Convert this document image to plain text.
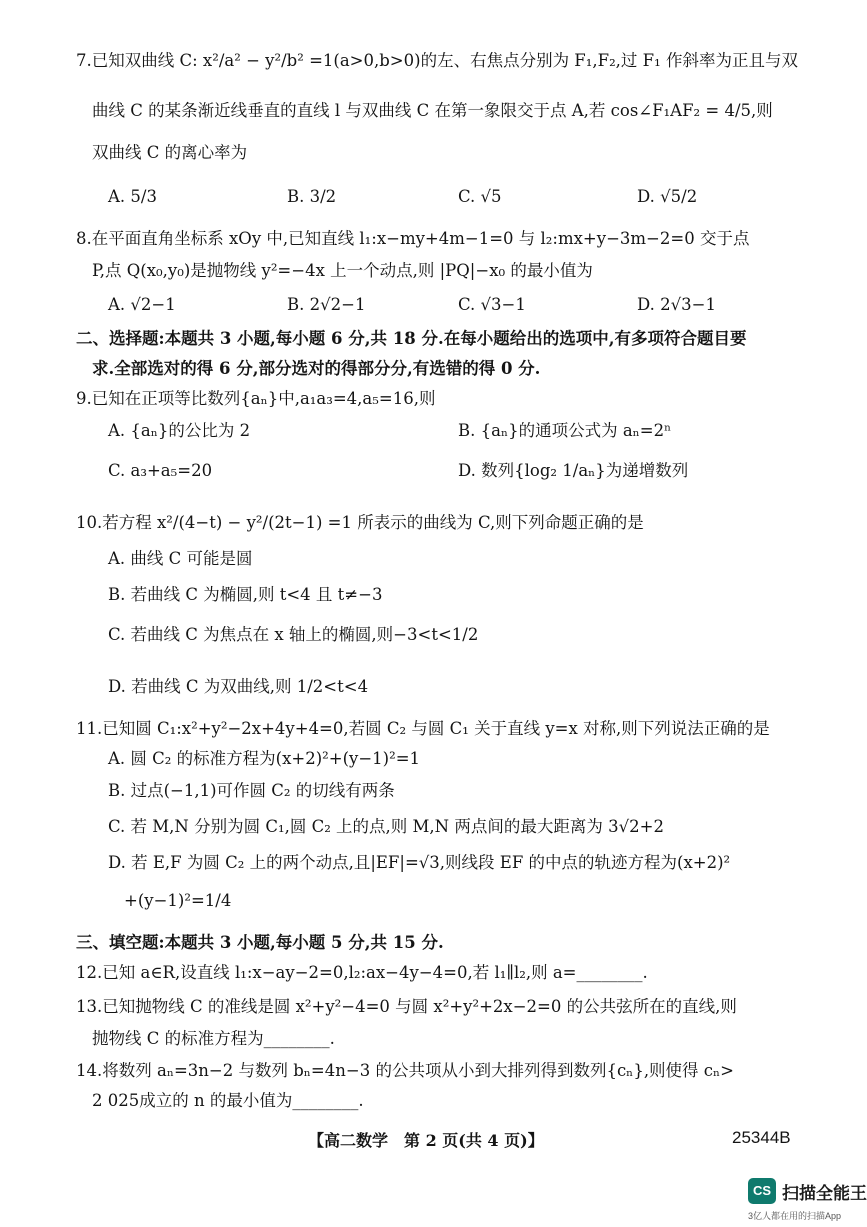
7.已知双曲线 C: x²/a² − y²/b² =1(a>0,b>0)的左、右焦点分别为 F₁,F₂,过 F₁ 作斜率为正且与双
曲线 C 的某条渐近线垂直的直线 l 与双曲线 C 在第一象限交于点 A,若 cos∠F₁AF₂ = 4/5,则
双曲线 C 的离心率为
A. 5/3	B. 3/2	C. √5	D. √5/2
8.在平面直角坐标系 xOy 中,已知直线 l₁:x−my+4m−1=0 与 l₂:mx+y−3m−2=0 交于点
P,点 Q(x₀,y₀)是抛物线 y²=−4x 上一个动点,则 |PQ|−x₀ 的最小值为
A. √2−1	B. 2√2−1	C. √3−1	D. 2√3−1
二、选择题:本题共 3 小题,每小题 6 分,共 18 分.在每小题给出的选项中,有多项符合题目要
求.全部选对的得 6 分,部分选对的得部分分,有选错的得 0 分.
9.已知在正项等比数列{aₙ}中,a₁a₃=4,a₅=16,则
A. {aₙ}的公比为 2	B. {aₙ}的通项公式为 aₙ=2ⁿ
C. a₃+a₅=20	D. 数列{log₂ 1/aₙ}为递增数列
10.若方程 x²/(4−t) − y²/(2t−1) =1 所表示的曲线为 C,则下列命题正确的是
A. 曲线 C 可能是圆
B. 若曲线 C 为椭圆,则 t<4 且 t≠−3
C. 若曲线 C 为焦点在 x 轴上的椭圆,则−3<t<1/2
D. 若曲线 C 为双曲线,则 1/2<t<4
11.已知圆 C₁:x²+y²−2x+4y+4=0,若圆 C₂ 与圆 C₁ 关于直线 y=x 对称,则下列说法正确的是
A. 圆 C₂ 的标准方程为(x+2)²+(y−1)²=1
B. 过点(−1,1)可作圆 C₂ 的切线有两条
C. 若 M,N 分别为圆 C₁,圆 C₂ 上的点,则 M,N 两点间的最大距离为 3√2+2
D. 若 E,F 为圆 C₂ 上的两个动点,且|EF|=√3,则线段 EF 的中点的轨迹方程为(x+2)²
+(y−1)²=1/4
三、填空题:本题共 3 小题,每小题 5 分,共 15 分.
12.已知 a∈R,设直线 l₁:x−ay−2=0,l₂:ax−4y−4=0,若 l₁∥l₂,则 a=________.
13.已知抛物线 C 的准线是圆 x²+y²−4=0 与圆 x²+y²+2x−2=0 的公共弦所在的直线,则
抛物线 C 的标准方程为________.
14.将数列 aₙ=3n−2 与数列 bₙ=4n−3 的公共项从小到大排列得到数列{cₙ},则使得 cₙ>
2 025成立的 n 的最小值为________.
【高二数学　第 2 页(共 4 页)】	25344B
CS 扫描全能王
3亿人都在用的扫描App
